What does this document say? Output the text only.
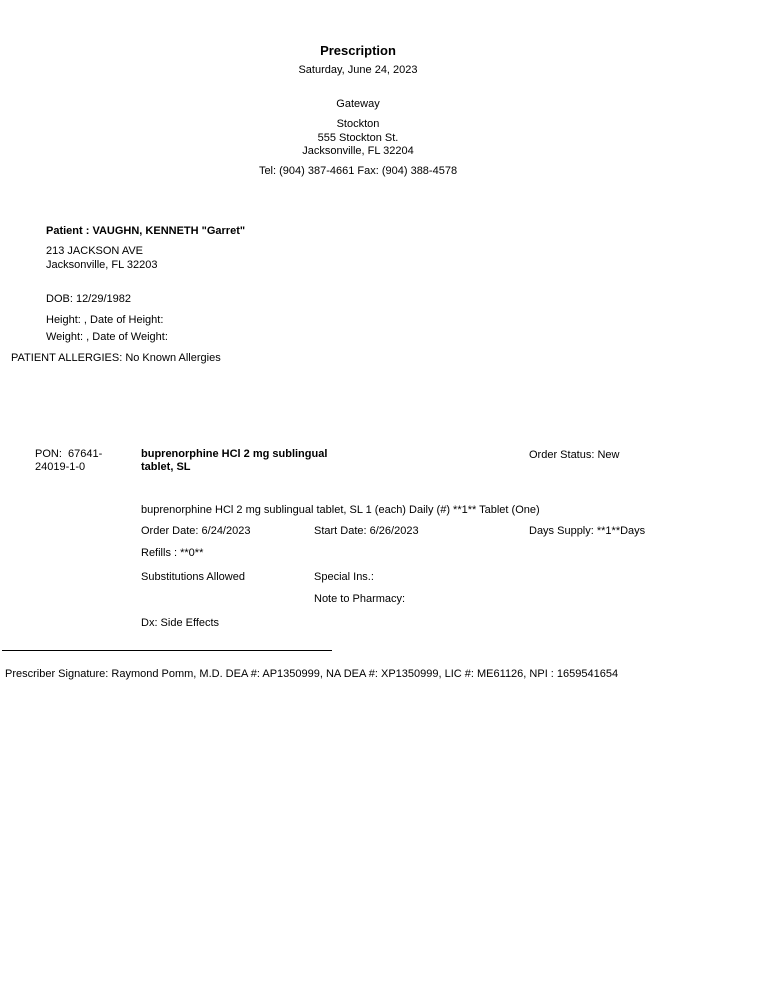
Prescription
Saturday, June 24, 2023
Gateway
Stockton
555 Stockton St.
Jacksonville, FL 32204
Tel: (904) 387-4661 Fax: (904) 388-4578
Patient : VAUGHN, KENNETH "Garret"
213 JACKSON AVE
Jacksonville, FL 32203
DOB: 12/29/1982
Height: , Date of Height:
Weight: , Date of Weight:
PATIENT ALLERGIES: No Known Allergies
PON:  67641-24019-1-0
buprenorphine HCl 2 mg sublingual tablet, SL
Order Status: New
buprenorphine HCl 2 mg sublingual tablet, SL 1 (each) Daily (#) **1** Tablet (One)
Order Date: 6/24/2023	Start Date: 6/26/2023	Days Supply: **1**Days
Refills : **0**
Substitutions Allowed	Special Ins.:
Note to Pharmacy:
Dx: Side Effects
Prescriber Signature: Raymond Pomm, M.D. DEA #: AP1350999, NA DEA #: XP1350999, LIC #: ME61126, NPI : 1659541654
